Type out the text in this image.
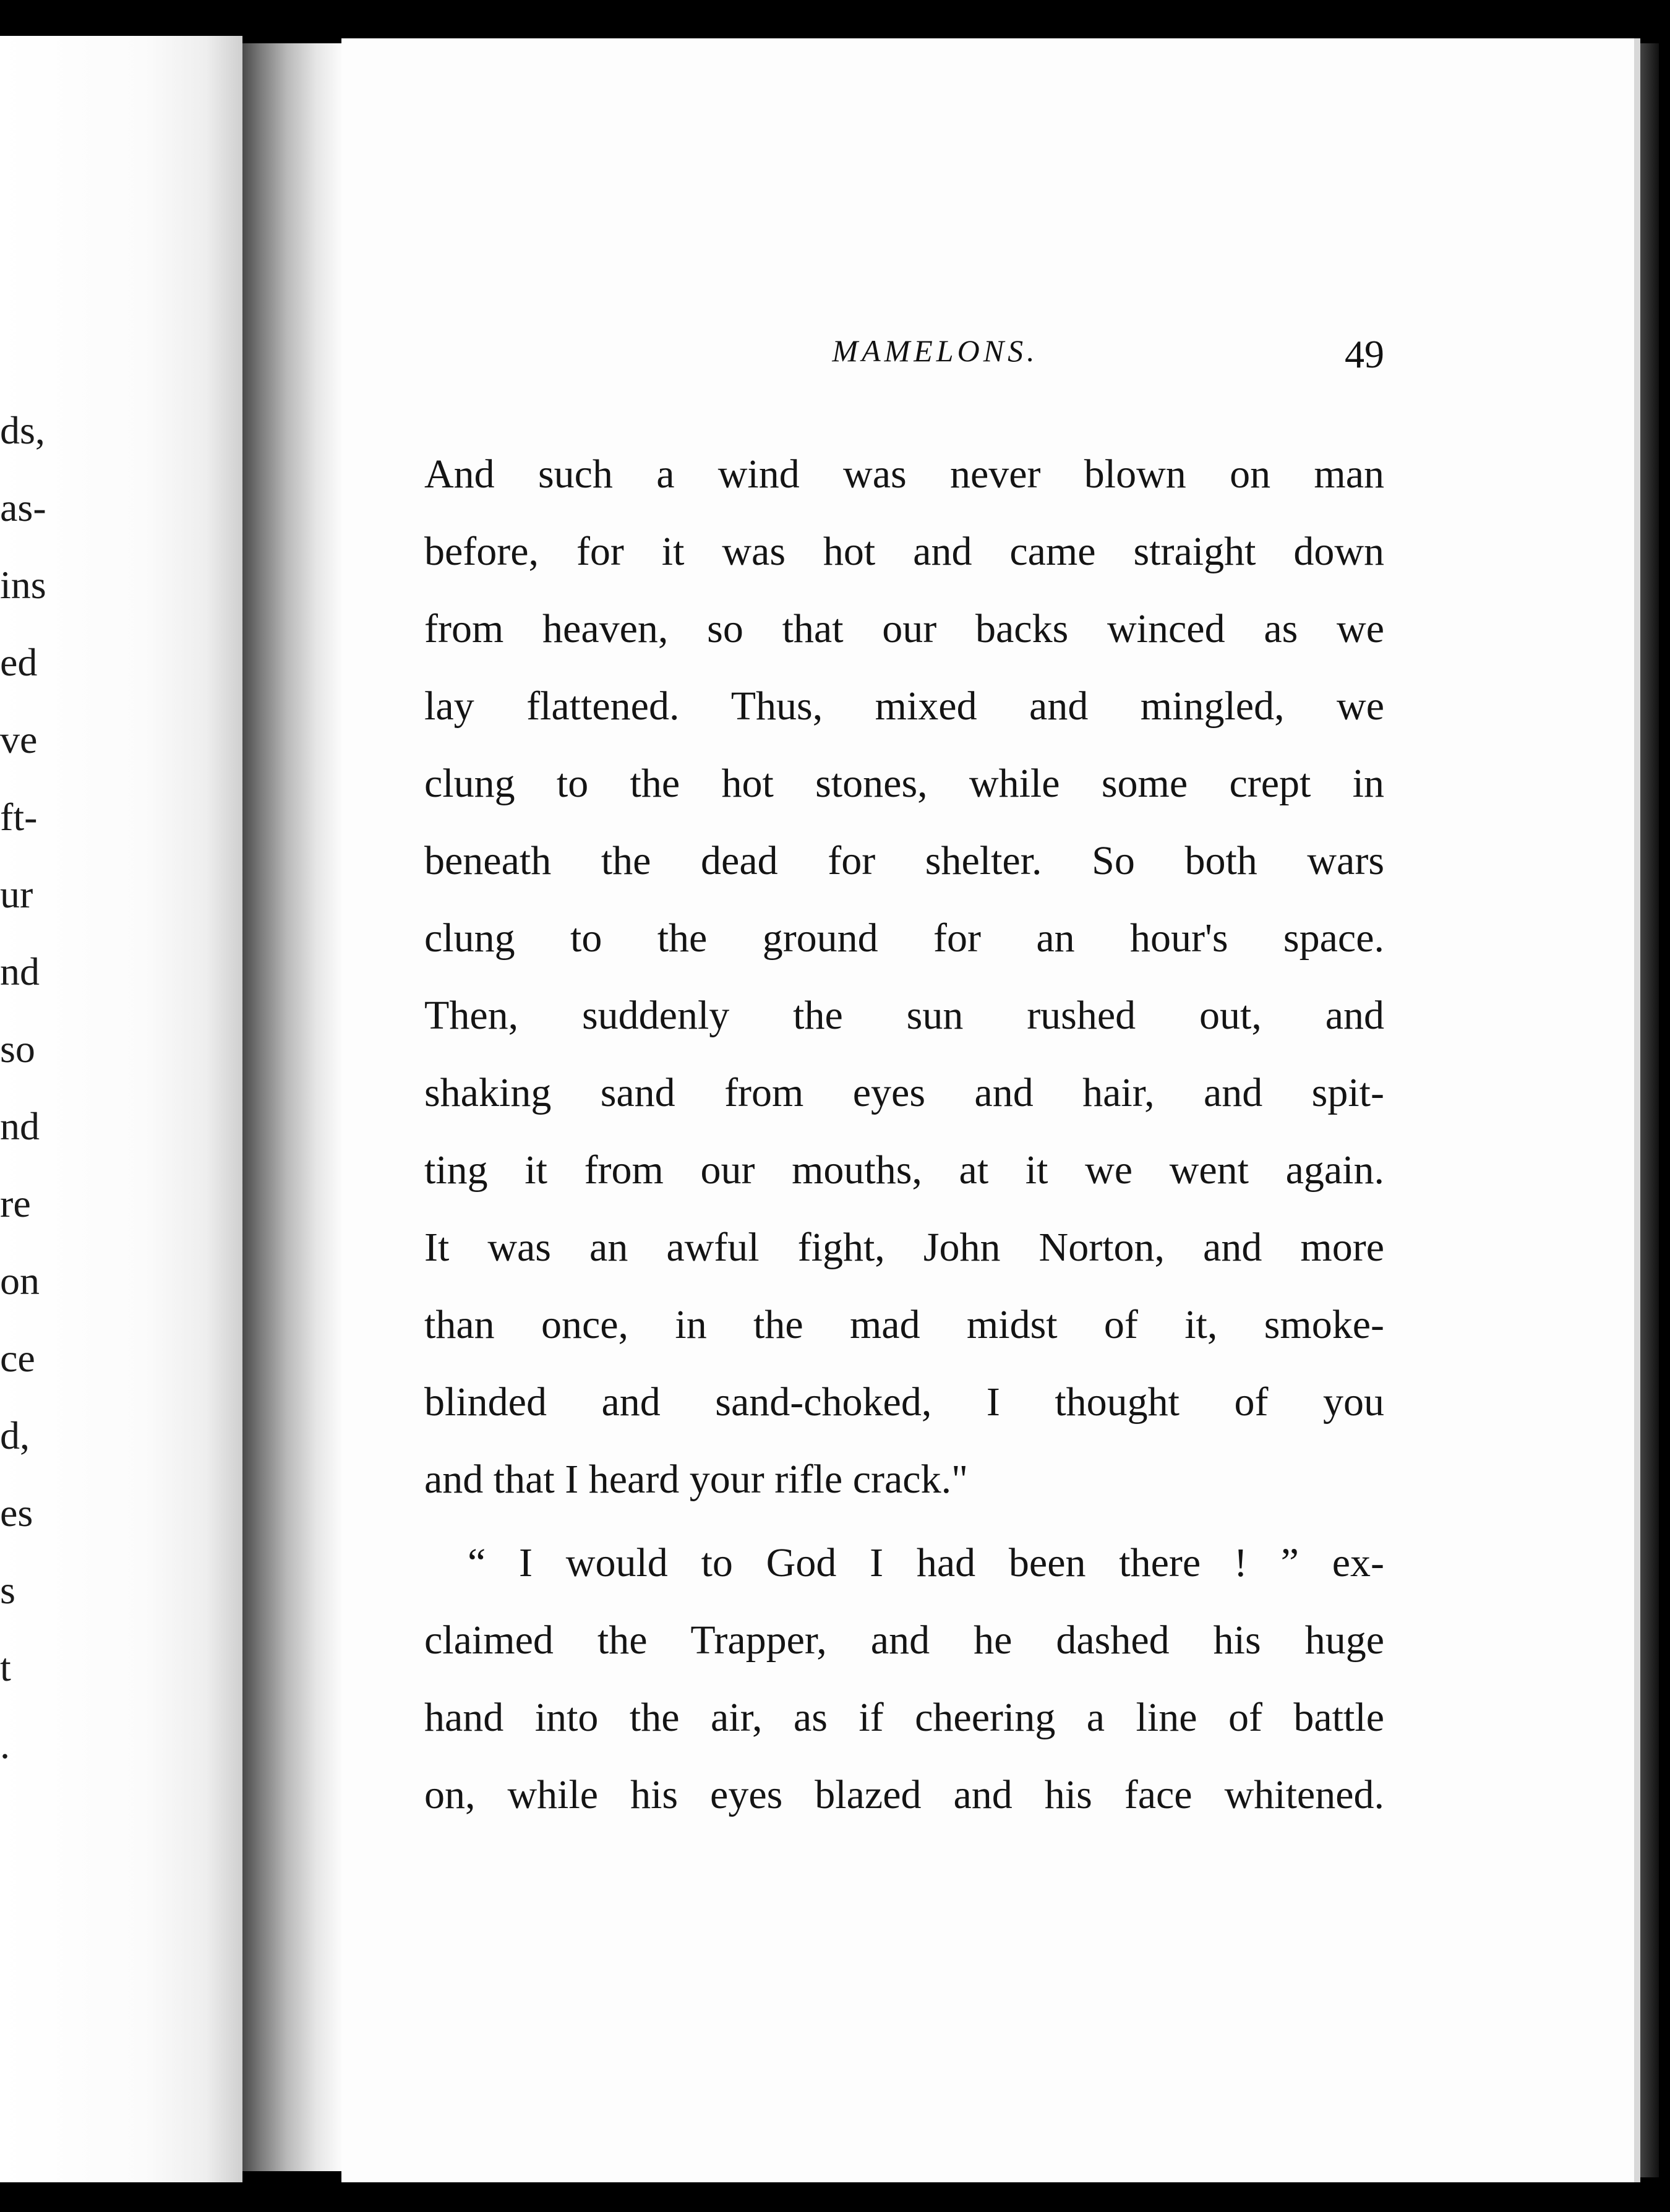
ds,
as-
ins
ed
ve
ft-
ur
nd
so
nd
re
on
ce
d,
es
s
t
.
MAMELONS.	49
And such a wind was never blown on man
before, for it was hot and came straight down
from heaven, so that our backs winced as we
lay flattened. Thus, mixed and mingled, we
clung to the hot stones, while some crept in
beneath the dead for shelter. So both wars
clung to the ground for an hour's space.
Then, suddenly the sun rushed out, and
shaking sand from eyes and hair, and spit-
ting it from our mouths, at it we went again.
It was an awful fight, John Norton, and more
than once, in the mad midst of it, smoke-
blinded and sand-choked, I thought of you
and that I heard your rifle crack."
“ I would to God I had been there ! ” ex-
claimed the Trapper, and he dashed his huge
hand into the air, as if cheering a line of battle
on, while his eyes blazed and his face whitened.
